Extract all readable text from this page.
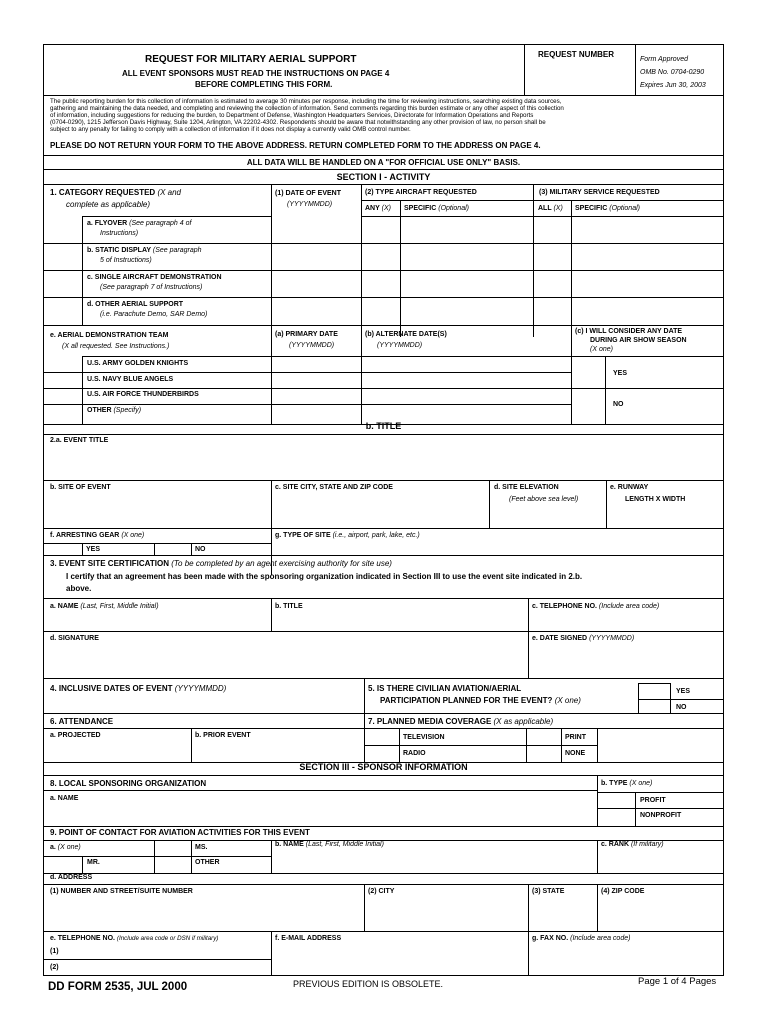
REQUEST FOR MILITARY AERIAL SUPPORT
ALL EVENT SPONSORS MUST READ THE INSTRUCTIONS ON PAGE 4
BEFORE COMPLETING THIS FORM.
REQUEST NUMBER
Form Approved
OMB No. 0704-0290
Expires Jun 30, 2003
The public reporting burden for this collection of information is estimated to average 30 minutes per response, including the time for reviewing instructions, searching existing data sources,
gathering and maintaining the data needed, and completing and reviewing the collection of information. Send comments regarding this burden estimate or any other aspect of this collection
of information, including suggestions for reducing the burden, to Department of Defense, Washington Headquarters Services, Directorate for Information Operations and Reports
(0704-0290), 1215 Jefferson Davis Highway, Suite 1204, Arlington, VA 22202-4302. Respondents should be aware that notwithstanding any other provision of law, no person shall be
subject to any penalty for failing to comply with a collection of information if it does not display a currently valid OMB control number.
PLEASE DO NOT RETURN YOUR FORM TO THE ABOVE ADDRESS. RETURN COMPLETED FORM TO THE ADDRESS ON PAGE 4.
ALL DATA WILL BE HANDLED ON A "FOR OFFICIAL USE ONLY" BASIS.
SECTION I - ACTIVITY
1. CATEGORY REQUESTED (X and
complete as applicable)
(1) DATE OF EVENT
(YYYYMMDD)
(2) TYPE AIRCRAFT REQUESTED	(3) MILITARY SERVICE REQUESTED
ANY (X) SPECIFIC (Optional)	ALL (X) SPECIFIC (Optional)
a. FLYOVER (See paragraph 4 of
Instructions)
b. STATIC DISPLAY (See paragraph
5 of Instructions)
c. SINGLE AIRCRAFT DEMONSTRATION
(See paragraph 7 of Instructions)
d. OTHER AERIAL SUPPORT
(i.e. Parachute Demo, SAR Demo)
e. AERIAL DEMONSTRATION TEAM
(X all requested. See Instructions.)
(a) PRIMARY DATE
(YYYYMMDD)
(b) ALTERNATE DATE(S)
(YYYYMMDD)
(c) I WILL CONSIDER ANY DATE
DURING AIR SHOW SEASON
(X one)
U.S. ARMY GOLDEN KNIGHTS
U.S. NAVY BLUE ANGELS
U.S. AIR FORCE THUNDERBIRDS
OTHER (Specify)
YES
NO
b. TITLE
2.a. EVENT TITLE
b. SITE OF EVENT	c. SITE CITY, STATE AND ZIP CODE	d. SITE ELEVATION
(Feet above sea level)
e. RUNWAY
LENGTH X WIDTH
f. ARRESTING GEAR (X one)	g. TYPE OF SITE (i.e., airport, park, lake, etc.)
YES	NO
3. EVENT SITE CERTIFICATION (To be completed by an agent exercising authority for site use)
I certify that an agreement has been made with the sponsoring organization indicated in Section III to use the event site indicated in 2.b.
above.
a. NAME (Last, First, Middle Initial)	b. TITLE	c. TELEPHONE NO. (Include area code)
d. SIGNATURE	e. DATE SIGNED (YYYYMMDD)
4. INCLUSIVE DATES OF EVENT (YYYYMMDD)	5. IS THERE CIVILIAN AVIATION/AERIAL
PARTICIPATION PLANNED FOR THE EVENT? (X one)
YES
NO
6. ATTENDANCE	7. PLANNED MEDIA COVERAGE (X as applicable)
a. PROJECTED	b. PRIOR EVENT	TELEVISION	PRINT
RADIO	NONE
SECTION III - SPONSOR INFORMATION
8. LOCAL SPONSORING ORGANIZATION	b. TYPE (X one)
a. NAME	PROFIT
NONPROFIT
9. POINT OF CONTACT FOR AVIATION ACTIVITIES FOR THIS EVENT
a. (X one)	MS.
MR.	OTHER
b. NAME (Last, First, Middle Initial)	c. RANK (If military)
d. ADDRESS
(1) NUMBER AND STREET/SUITE NUMBER	(2) CITY	(3) STATE	(4) ZIP CODE
e. TELEPHONE NO. (Include area code or DSN if military)	f. E-MAIL ADDRESS	g. FAX NO. (Include area code)
(1)
(2)
DD FORM 2535, JUL 2000	PREVIOUS EDITION IS OBSOLETE.	Page 1 of 4 Pages
